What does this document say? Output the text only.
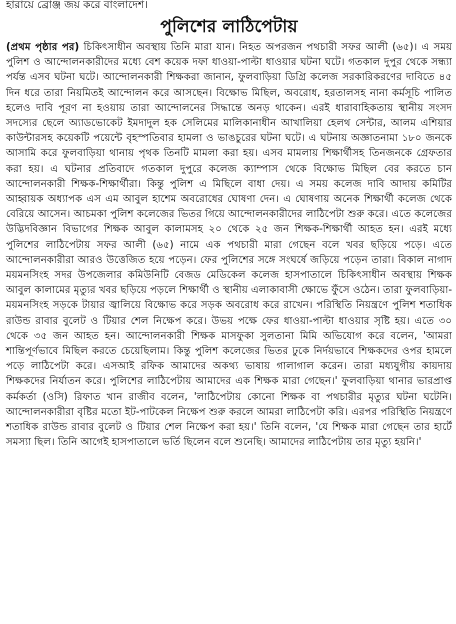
হারায়ে ব্রোঞ্জ জয় করে বাংলাদেশ।
পুলিশের লাঠিপেটায়

(প্রথম পৃষ্ঠার পর) চিকিৎসাধীন অবস্থায় তিনি মারা যান। নিহত অপরজন পথচারী সফর আলী (৬৫)। এ সময় পুলিশ ও আন্দোলনকারীদের মধ্যে বেশ কয়েক দফা ধাওয়া-পাল্টা ধাওয়ার ঘটনা ঘটে। গতকাল দুপুর থেকে সন্ধ্যা পর্যন্ত এসব ঘটনা ঘটে। আন্দোলনকারী শিক্ষকরা জানান, ফুলবাড়িয়া ডিগ্রি কলেজ সরকারিকরণের দাবিতে ৪৫ দিন ধরে তারা নিয়মিতই আন্দোলন করে আসছেন। বিক্ষোভ মিছিল, অবরোধ, হরতালসহ নানা কর্মসূচি পালিত হলেও দাবি পূরণ না হওয়ায় তারা আন্দোলনের সিদ্ধান্তে অনড় থাকেন। এরই ধারাবাহিকতায় স্থানীয় সংসদ সদস্যের ছেলে অ্যাডভোকেট ইমদাদুল হক সেলিমের মালিকানাধীন আখালিয়া হেলথ সেন্টার, আলম এশিয়ার কাউন্টারসহ কয়েকটি পয়েন্টে বৃহস্পতিবার হামলা ও ভাঙচুরের ঘটনা ঘটে। এ ঘটনায় অজ্ঞাতনামা ১৮০ জনকে আসামি করে ফুলবাড়িয়া থানায় পৃথক তিনটি মামলা করা হয়। এসব মামলায় শিক্ষার্থীসহ তিনজনকে গ্রেফতার করা হয়। এ ঘটনার প্রতিবাদে গতকাল দুপুরে কলেজ ক্যাম্পাস থেকে বিক্ষোভ মিছিল বের করতে চান আন্দোলনকারী শিক্ষক-শিক্ষার্থীরা। কিন্তু পুলিশ এ মিছিলে বাধা দেয়। এ সময় কলেজ দাবি আদায় কমিটির আহ্বায়ক অধ্যাপক এস এম আবুল হাশেম অবরোধের ঘোষণা দেন। এ ঘোষণায় অনেক শিক্ষার্থী কলেজ থেকে বেরিয়ে আসেন। আচমকা পুলিশ কলেজের ভিতর গিয়ে আন্দোলনকারীদের লাঠিপেটা শুরু করে। এতে কলেজের উদ্ভিদবিজ্ঞান বিভাগের শিক্ষক আবুল কালামসহ ২০ থেকে ২৫ জন শিক্ষক-শিক্ষার্থী আহত হন। এরই মধ্যে পুলিশের লাঠিপেটায় সফর আলী (৬৫) নামে এক পথচারী মারা গেছেন বলে খবর ছড়িয়ে পড়ে। এতে আন্দোলনকারীরা আরও উত্তেজিত হয়ে পড়েন। ফের পুলিশের সঙ্গে সংঘর্ষে জড়িয়ে পড়েন তারা। বিকাল নাগাদ ময়মনসিংহ সদর উপজেলার কমিউনিটি বেজড মেডিকেল কলেজ হাসপাতালে চিকিৎসাধীন অবস্থায় শিক্ষক আবুল কালামের মৃত্যুর খবর ছড়িয়ে পড়লে শিক্ষার্থী ও স্থানীয় এলাকাবাসী ক্ষোভে ফুঁসে ওঠেন। তারা ফুলবাড়িয়া-ময়মনসিংহ সড়কে টায়ার জ্বালিয়ে বিক্ষোভ করে সড়ক অবরোধ করে রাখেন। পরিস্থিতি নিয়ন্ত্রণে পুলিশ শতাধিক রাউন্ড রাবার বুলেট ও টিয়ার শেল নিক্ষেপ করে। উভয় পক্ষে ফের ধাওয়া-পাল্টা ধাওয়ার সৃষ্টি হয়। এতে ৩০ থেকে ৩৫ জন আহত হন। আন্দোলনকারী শিক্ষক মাসফুকা সুলতানা মিমি অভিযোগ করে বলেন, 'আমরা শান্তিপূর্ণভাবে মিছিল করতে চেয়েছিলাম। কিন্তু পুলিশ কলেজের ভিতর ঢুকে নির্দয়ভাবে শিক্ষকদের ওপর হামলে পড়ে লাঠিপেটা করে। এসআই রফিক আমাদের অকথ্য ভাষায় গালাগাল করেন। তারা মধ্যযুগীয় কায়দায় শিক্ষকদের নির্যাতন করে। পুলিশের লাঠিপেটায় আমাদের এক শিক্ষক মারা গেছেন।' ফুলবাড়িয়া থানার ভারপ্রাপ্ত কর্মকর্তা (ওসি) রিফাত খান রাজীব বলেন, 'লাঠিপেটায় কোনো শিক্ষক বা পথচারীর মৃত্যুর ঘটনা ঘটেনি। আন্দোলনকারীরা বৃষ্টির মতো ইট-পাটকেল নিক্ষেপ শুরু করলে আমরা লাঠিপেটা করি। এরপর পরিস্থিতি নিয়ন্ত্রণে শতাধিক রাউন্ড রাবার বুলেট ও টিয়ার শেল নিক্ষেপ করা হয়।' তিনি বলেন, 'যে শিক্ষক মারা গেছেন তার হার্টে সমস্যা ছিল। তিনি আগেই হাসপাতালে ভর্তি ছিলেন বলে শুনেছি। আমাদের লাঠিপেটায় তার মৃত্যু হয়নি।'
